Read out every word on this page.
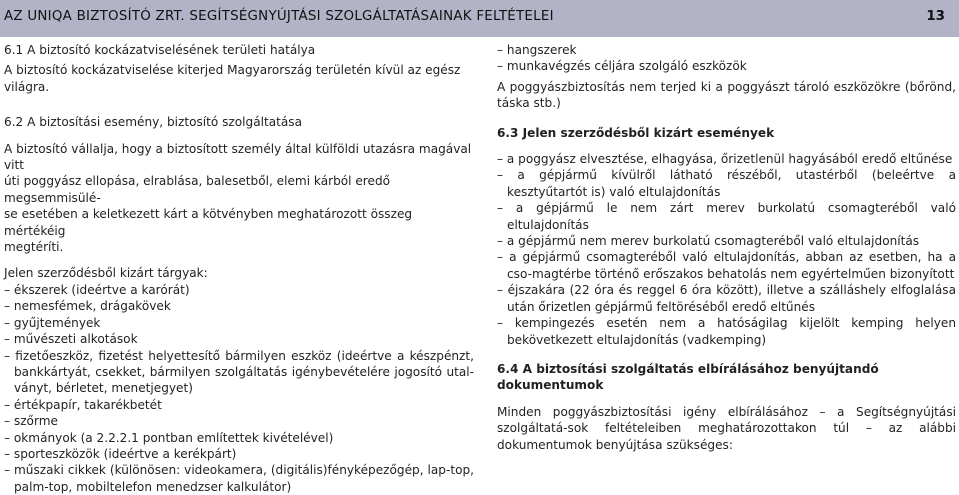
AZ UNIQA BIZTOSÍTÓ ZRT. SEGÍTSÉGNYÚJTÁSI SZOLGÁLTATÁSAINAK FELTÉTELEI	13

6.1 A biztosító kockázatviselésének területi hatálya

A biztosító kockázatviselése kiterjed Magyarország területén kívül az egész világra.

6.2 A biztosítási esemény, biztosító szolgáltatása

A biztosító vállalja, hogy a biztosított személy által külföldi utazásra magával vitt
úti poggyász ellopása, elrablása, balesetből, elemi kárból eredő megsemmisülé-
se esetében a keletkezett kárt a kötvényben meghatározott összeg mértékéig
megtéríti.

Jelen szerződésből kizárt tárgyak:

– ékszerek (ideértve a karórát)
– nemesfémek, drágakövek
– gyűjtemények
– művészeti alkotások
– fizetőeszköz, fizetést helyettesítő bármilyen eszköz (ideértve a készpénzt, bankkártyát, csekket, bármilyen szolgáltatás igénybevételére jogosító utal-ványt, bérletet, menetjegyet)
– értékpapír, takarékbetét
– szőrme
– okmányok (a 2.2.2.1 pontban említettek kivételével)
– sporteszközök (ideértve a kerékpárt)
– műszaki cikkek (különösen: videokamera, (digitális)fényképezőgép, lap-top, palm-top, mobiltelefon menedzser kalkulátor)
– hangszerek
– munkavégzés céljára szolgáló eszközök

A poggyászbiztosítás nem terjed ki a poggyászt tároló eszközökre (bőrönd, táska stb.)

6.3 Jelen szerződésből kizárt események

– a poggyász elvesztése, elhagyása, őrizetlenül hagyásából eredő eltűnése
– a gépjármű kívülről látható részéből, utastérből (beleértve a kesztyűtartót is) való eltulajdonítás
– a gépjármű le nem zárt merev burkolatú csomagteréből való eltulajdonítás
– a gépjármű nem merev burkolatú csomagteréből való eltulajdonítás
– a gépjármű csomagteréből való eltulajdonítás, abban az esetben, ha a cso-magtérbe történő erőszakos behatolás nem egyértelműen bizonyított
– éjszakára (22 óra és reggel 6 óra között), illetve a szálláshely elfoglalása után őrizetlen gépjármű feltöréséből eredő eltűnés
– kempingezés esetén nem a hatóságilag kijelölt kemping helyen bekövetkezett eltulajdonítás (vadkemping)

6.4 A biztosítási szolgáltatás elbírálásához benyújtandó dokumentumok

Minden poggyászbiztosítási igény elbírálásához – a Segítségnyújtási szolgáltatá-sok feltételeiben meghatározottakon túl – az alábbi dokumentumok benyújtása szükséges:
